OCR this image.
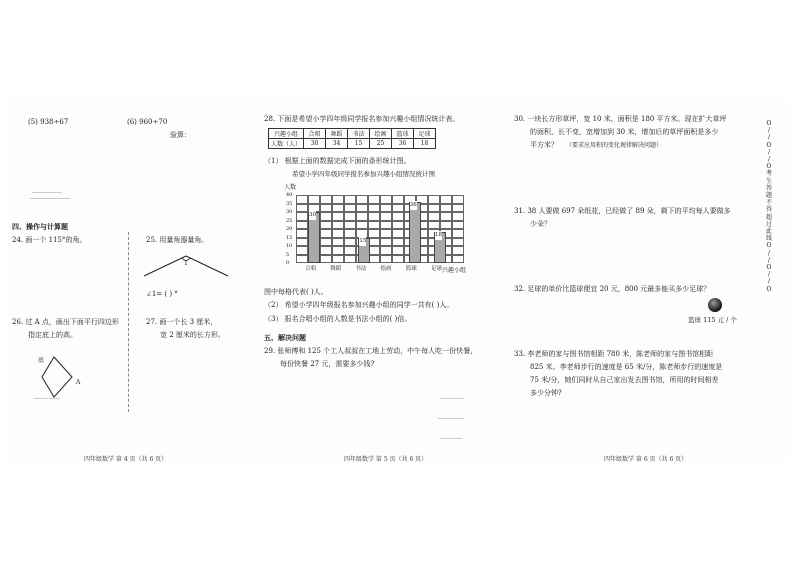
(5) 938÷67	(6) 960÷70
验算：
四、操作与计算题
24. 画一个 115°的角。	25. 用量角器量角。
1
∠1= ( ) °
26. 过 A 点，画出下面平行四边形
指定底上的高。
底
A
27. 画一个长 3 厘米，
宽 2 厘米的长方形。
四年级数学 第 4 页（共 6 页）
28. 下面是希望小学四年级同学报名参加兴趣小组情况统计表。
兴趣小组	合唱	舞蹈	书法	绘画	篮球	足球
人数（人）	30	34	15	25	36	18
（1） 根据上面的数据完成下面的条形统计图。
希望小学四年级同学报名参加兴趣小组情况统计图
人数
0
5
10
15
20
25
30
35
40
30
合唱	舞蹈
15
书法	绘画
36
篮球
18
足球 兴趣小组
图中每格代表( )人。
（2） 希望小学四年级报名参加兴趣小组的同学一共有( )人。
（3） 报名合唱小组的人数是书法小组的( )倍。
五、解决问题
29. 张师傅和 125 个工人叔叔在工地上劳动，中午每人吃一份快餐，
每份快餐 27 元，需要多少钱?
四年级数学 第 5 页（共 6 页）
30. 一块长方形草坪，宽 10 米，面积是 180 平方米。现在扩大草坪
的面积，长不变，宽增加到 30 米，增加后的草坪面积是多少
平方米？ （要求应用积的变化规律解决问题）
31. 38 人要做 697 朵纸花，已经做了 89 朵，剩下的平均每人要做多
少朵？
32. 足球的单价比篮球便宜 20 元，800 元最多能买多少足球？
篮球 115 元 / 个
33. 李老师的家与图书馆相距 780 米，陈老师的家与图书馆相距
825 米。李老师步行的速度是 65 米/分，陈老师步行的速度是
75 米/分，她们同时从自己家出发去图书馆，所用的时间相差
多少分钟?
四年级数学 第 6 页（共 6 页）
O
/
/
O
/
/
O
考
生
答
题
不
得
超
过
此
线
O
/
/
O
/
/
O
